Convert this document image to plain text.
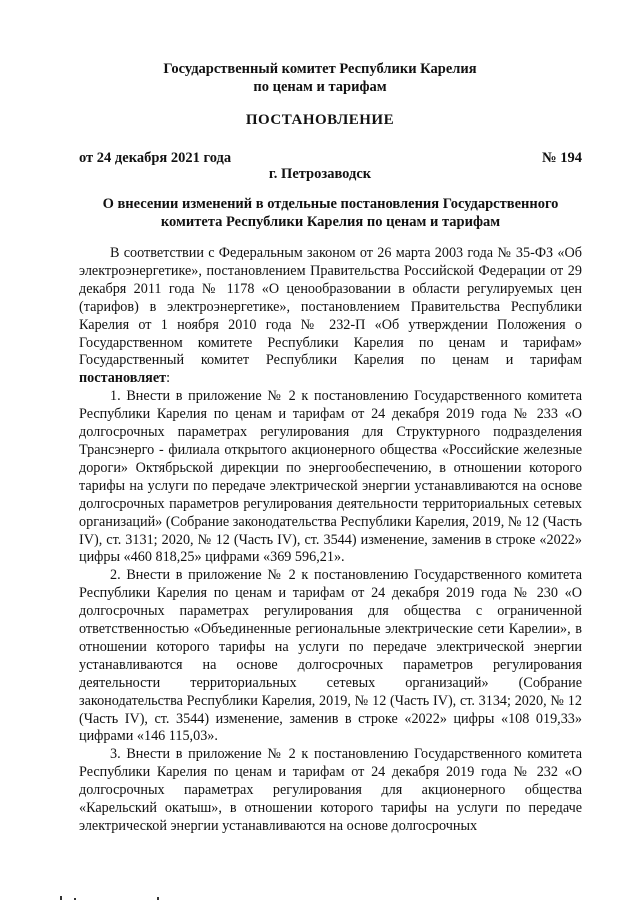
Государственный комитет Республики Карелия
по ценам и тарифам
ПОСТАНОВЛЕНИЕ
от 24 декабря 2021 года	№ 194
г. Петрозаводск
О внесении изменений в отдельные постановления Государственного комитета Республики Карелия по ценам и тарифам

В соответствии с Федеральным законом от 26 марта 2003 года № 35-ФЗ «Об электроэнергетике», постановлением Правительства Российской Федерации от 29 декабря 2011 года № 1178 «О ценообразовании в области регулируемых цен (тарифов) в электроэнергетике», постановлением Правительства Республики Карелия от 1 ноября 2010 года № 232-П «Об утверждении Положения о Государственном комитете Республики Карелия по ценам и тарифам» Государственный комитет Республики Карелия по ценам и тарифам постановляет:

1. Внести в приложение № 2 к постановлению Государственного комитета Республики Карелия по ценам и тарифам от 24 декабря 2019 года № 233 «О долгосрочных параметрах регулирования для Структурного подразделения Трансэнерго - филиала открытого акционерного общества «Российские железные дороги» Октябрьской дирекции по энергообеспечению, в отношении которого тарифы на услуги по передаче электрической энергии устанавливаются на основе долгосрочных параметров регулирования деятельности территориальных сетевых организаций» (Собрание законодательства Республики Карелия, 2019, № 12 (Часть IV), ст. 3131; 2020, № 12 (Часть IV), ст. 3544) изменение, заменив в строке «2022» цифры «460 818,25» цифрами «369 596,21».

2. Внести в приложение № 2 к постановлению Государственного комитета Республики Карелия по ценам и тарифам от 24 декабря 2019 года № 230 «О долгосрочных параметрах регулирования для общества с ограниченной ответственностью «Объединенные региональные электрические сети Карелии», в отношении которого тарифы на услуги по передаче электрической энергии устанавливаются на основе долгосрочных параметров регулирования деятельности территориальных сетевых организаций» (Собрание законодательства Республики Карелия, 2019, № 12 (Часть IV), ст. 3134; 2020, № 12 (Часть IV), ст. 3544) изменение, заменив в строке «2022» цифры «108 019,33» цифрами «146 115,03».

3. Внести в приложение № 2 к постановлению Государственного комитета Республики Карелия по ценам и тарифам от 24 декабря 2019 года № 232 «О долгосрочных параметрах регулирования для акционерного общества «Карельский окатыш», в отношении которого тарифы на услуги по передаче электрической энергии устанавливаются на основе долгосрочных
